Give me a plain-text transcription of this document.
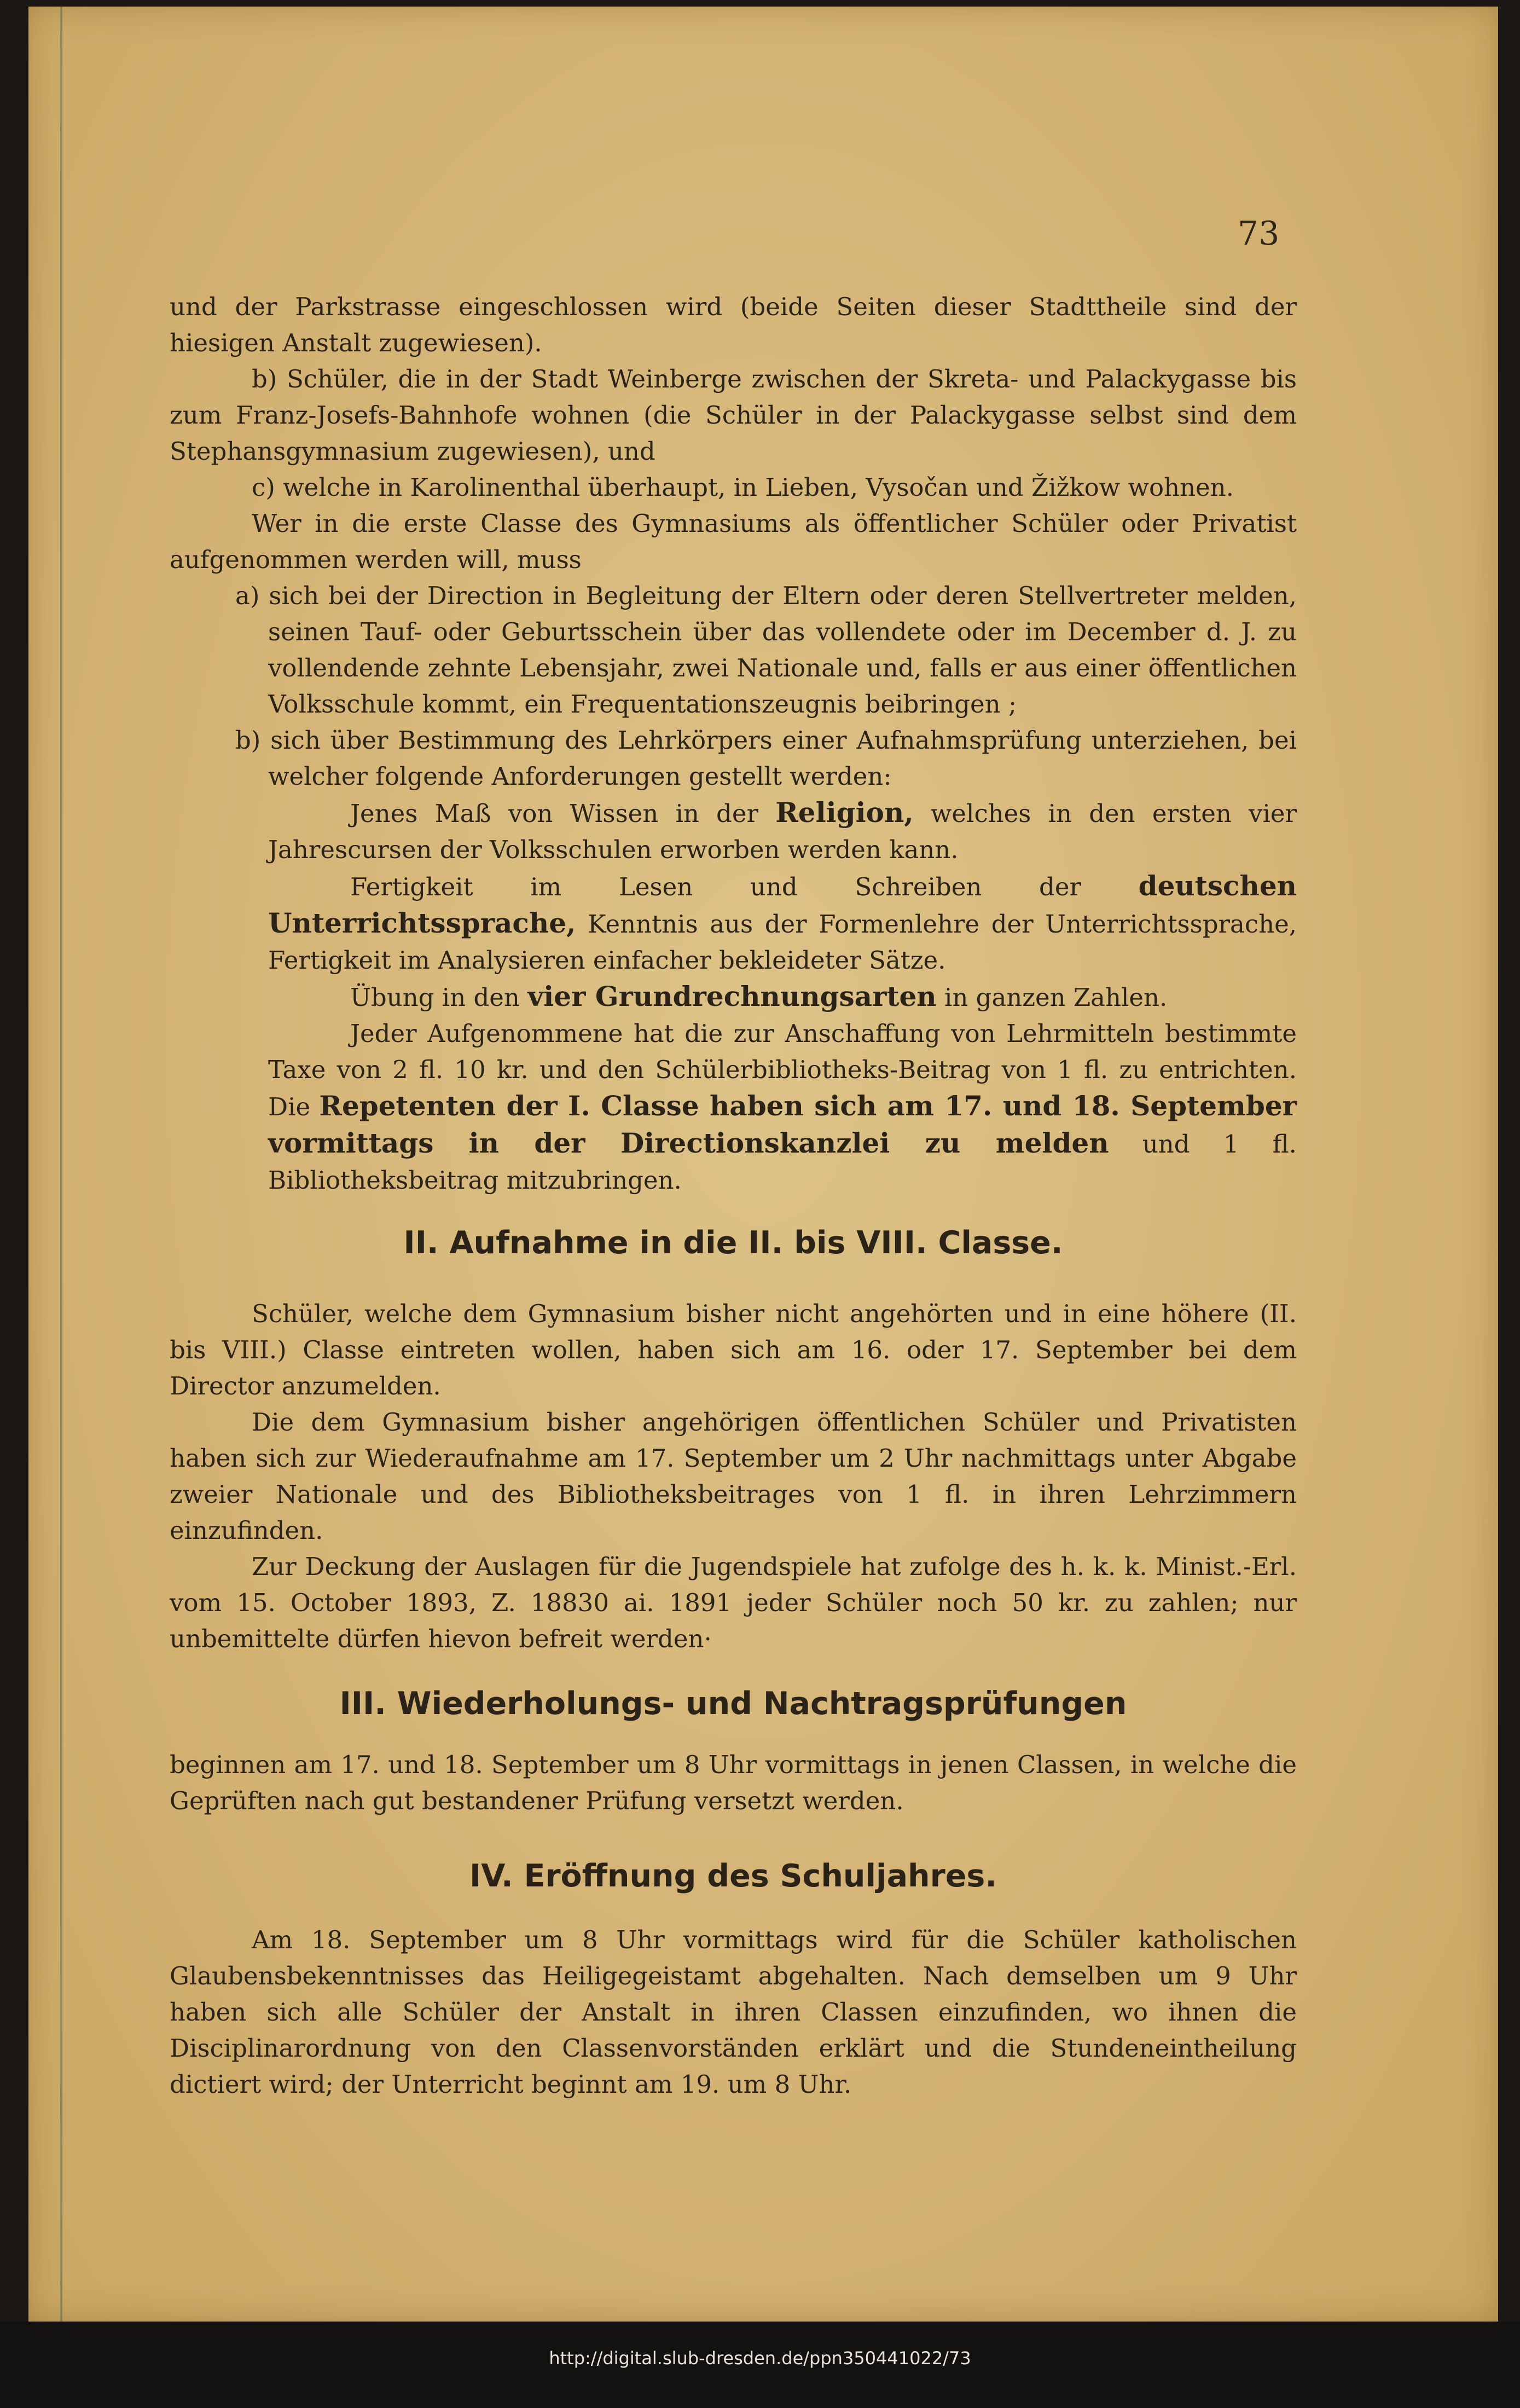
73

und der Parkstrasse eingeschlossen wird (beide Seiten dieser Stadttheile sind der hiesigen Anstalt zugewiesen).

b) Schüler, die in der Stadt Weinberge zwischen der Skreta- und Palackygasse bis zum Franz-Josefs-Bahnhofe wohnen (die Schüler in der Palackygasse selbst sind dem Stephansgymnasium zugewiesen), und

c) welche in Karolinenthal überhaupt, in Lieben, Vysočan und Žižkow wohnen.

Wer in die erste Classe des Gymnasiums als öffentlicher Schüler oder Privatist aufgenommen werden will, muss

a) sich bei der Direction in Begleitung der Eltern oder deren Stellvertreter melden, seinen Tauf- oder Geburtsschein über das vollendete oder im December d. J. zu vollendende zehnte Lebensjahr, zwei Nationale und, falls er aus einer öffentlichen Volksschule kommt, ein Frequentationszeugnis beibringen ;

b) sich über Bestimmung des Lehrkörpers einer Aufnahmsprüfung unterziehen, bei welcher folgende Anforderungen gestellt werden:

Jenes Maß von Wissen in der Religion, welches in den ersten vier Jahrescursen der Volksschulen erworben werden kann.

Fertigkeit im Lesen und Schreiben der deutschen Unterrichtssprache, Kenntnis aus der Formenlehre der Unterrichtssprache, Fertigkeit im Analysieren einfacher bekleideter Sätze.

Übung in den vier Grundrechnungsarten in ganzen Zahlen.

Jeder Aufgenommene hat die zur Anschaffung von Lehrmitteln bestimmte Taxe von 2 fl. 10 kr. und den Schülerbibliotheks-Beitrag von 1 fl. zu entrichten. Die Repetenten der I. Classe haben sich am 17. und 18. September vormittags in der Directionskanzlei zu melden und 1 fl. Bibliotheksbeitrag mitzubringen.

II. Aufnahme in die II. bis VIII. Classe.

Schüler, welche dem Gymnasium bisher nicht angehörten und in eine höhere (II. bis VIII.) Classe eintreten wollen, haben sich am 16. oder 17. September bei dem Director anzumelden.

Die dem Gymnasium bisher angehörigen öffentlichen Schüler und Privatisten haben sich zur Wiederaufnahme am 17. September um 2 Uhr nachmittags unter Abgabe zweier Nationale und des Bibliotheksbeitrages von 1 fl. in ihren Lehrzimmern einzufinden.

Zur Deckung der Auslagen für die Jugendspiele hat zufolge des h. k. k. Minist.-Erl. vom 15. October 1893, Z. 18830 ai. 1891 jeder Schüler noch 50 kr. zu zahlen; nur unbemittelte dürfen hievon befreit werden·

III. Wiederholungs- und Nachtragsprüfungen

beginnen am 17. und 18. September um 8 Uhr vormittags in jenen Classen, in welche die Geprüften nach gut bestandener Prüfung versetzt werden.

IV. Eröffnung des Schuljahres.

Am 18. September um 8 Uhr vormittags wird für die Schüler katholischen Glaubensbekenntnisses das Heiligegeistamt abgehalten. Nach demselben um 9 Uhr haben sich alle Schüler der Anstalt in ihren Classen einzufinden, wo ihnen die Disciplinarordnung von den Classenvorständen erklärt und die Stundeneintheilung dictiert wird; der Unterricht beginnt am 19. um 8 Uhr.

http://digital.slub-dresden.de/ppn350441022/73
